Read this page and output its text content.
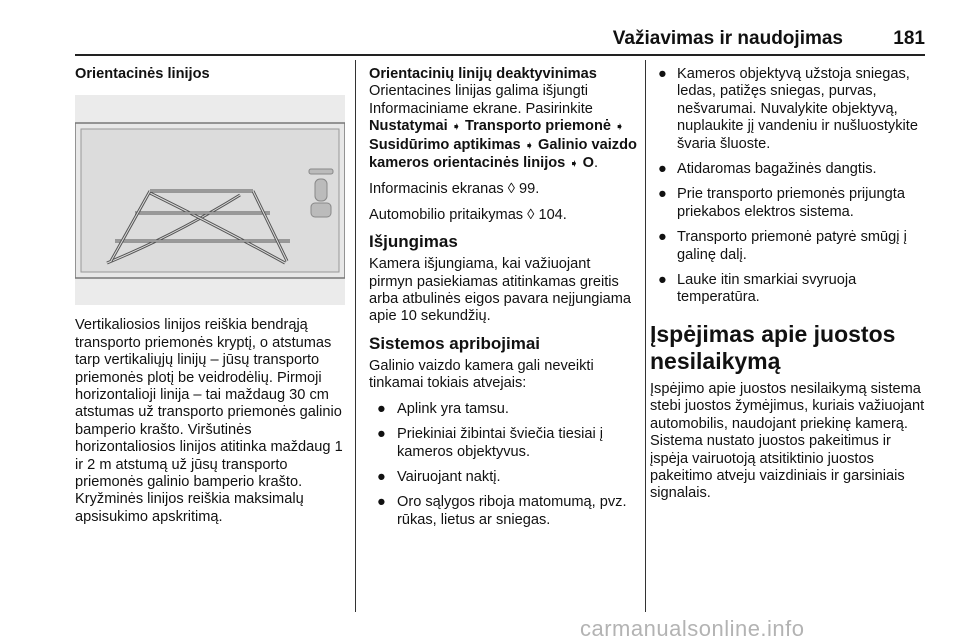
Važiavimas ir naudojimas	181

Orientacinės linijos

Vertikaliosios linijos reiškia bendrąją transporto priemonės kryptį, o atstumas tarp vertikaliųjų linijų – jūsų transporto priemonės plotį be veidrodėlių. Pirmoji horizontalioji linija – tai maždaug 30 cm atstumas už transporto priemonės galinio bamperio krašto. Viršutinės horizontaliosios linijos atitinka maždaug 1 ir 2 m atstumą už jūsų transporto priemonės galinio bamperio krašto. Kryžminės linijos reiškia maksimalų apsisukimo apskritimą.

Orientacinių linijų deaktyvinimas

Orientacines linijas galima išjungti Informaciniame ekrane. Pasirinkite Nustatymai ➧ Transporto priemonė ➧ Susidūrimo aptikimas ➧ Galinio vaizdo kameros orientacinės linijos ➧ O.

Informacinis ekranas ◊ 99.

Automobilio pritaikymas ◊ 104.

Išjungimas

Kamera išjungiama, kai važiuojant pirmyn pasiekiamas atitinkamas greitis arba atbulinės eigos pavara neįjungiama apie 10 sekundžių.

Sistemos apribojimai

Galinio vaizdo kamera gali neveikti tinkamai tokiais atvejais:

● Aplink yra tamsu.
● Priekiniai žibintai šviečia tiesiai į kameros objektyvus.
● Vairuojant naktį.
● Oro sąlygos riboja matomumą, pvz. rūkas, lietus ar sniegas.
● Kameros objektyvą užstoja sniegas, ledas, patižęs sniegas, purvas, nešvarumai. Nuvalykite objektyvą, nuplaukite jį vandeniu ir nušluostykite švaria šluoste.
● Atidaromas bagažinės dangtis.
● Prie transporto priemonės prijungta priekabos elektros sistema.
● Transporto priemonė patyrė smūgį į galinę dalį.
● Lauke itin smarkiai svyruoja temperatūra.
Įspėjimas apie juostos nesilaikymą

Įspėjimo apie juostos nesilaikymą sistema stebi juostos žymėjimus, kuriais važiuojant automobilis, naudojant priekinę kamerą. Sistema nustato juostos pakeitimus ir įspėja vairuotoją atsitiktinio juostos pakeitimo atveju vaizdiniais ir garsiniais signalais.

carmanualsonline.info
